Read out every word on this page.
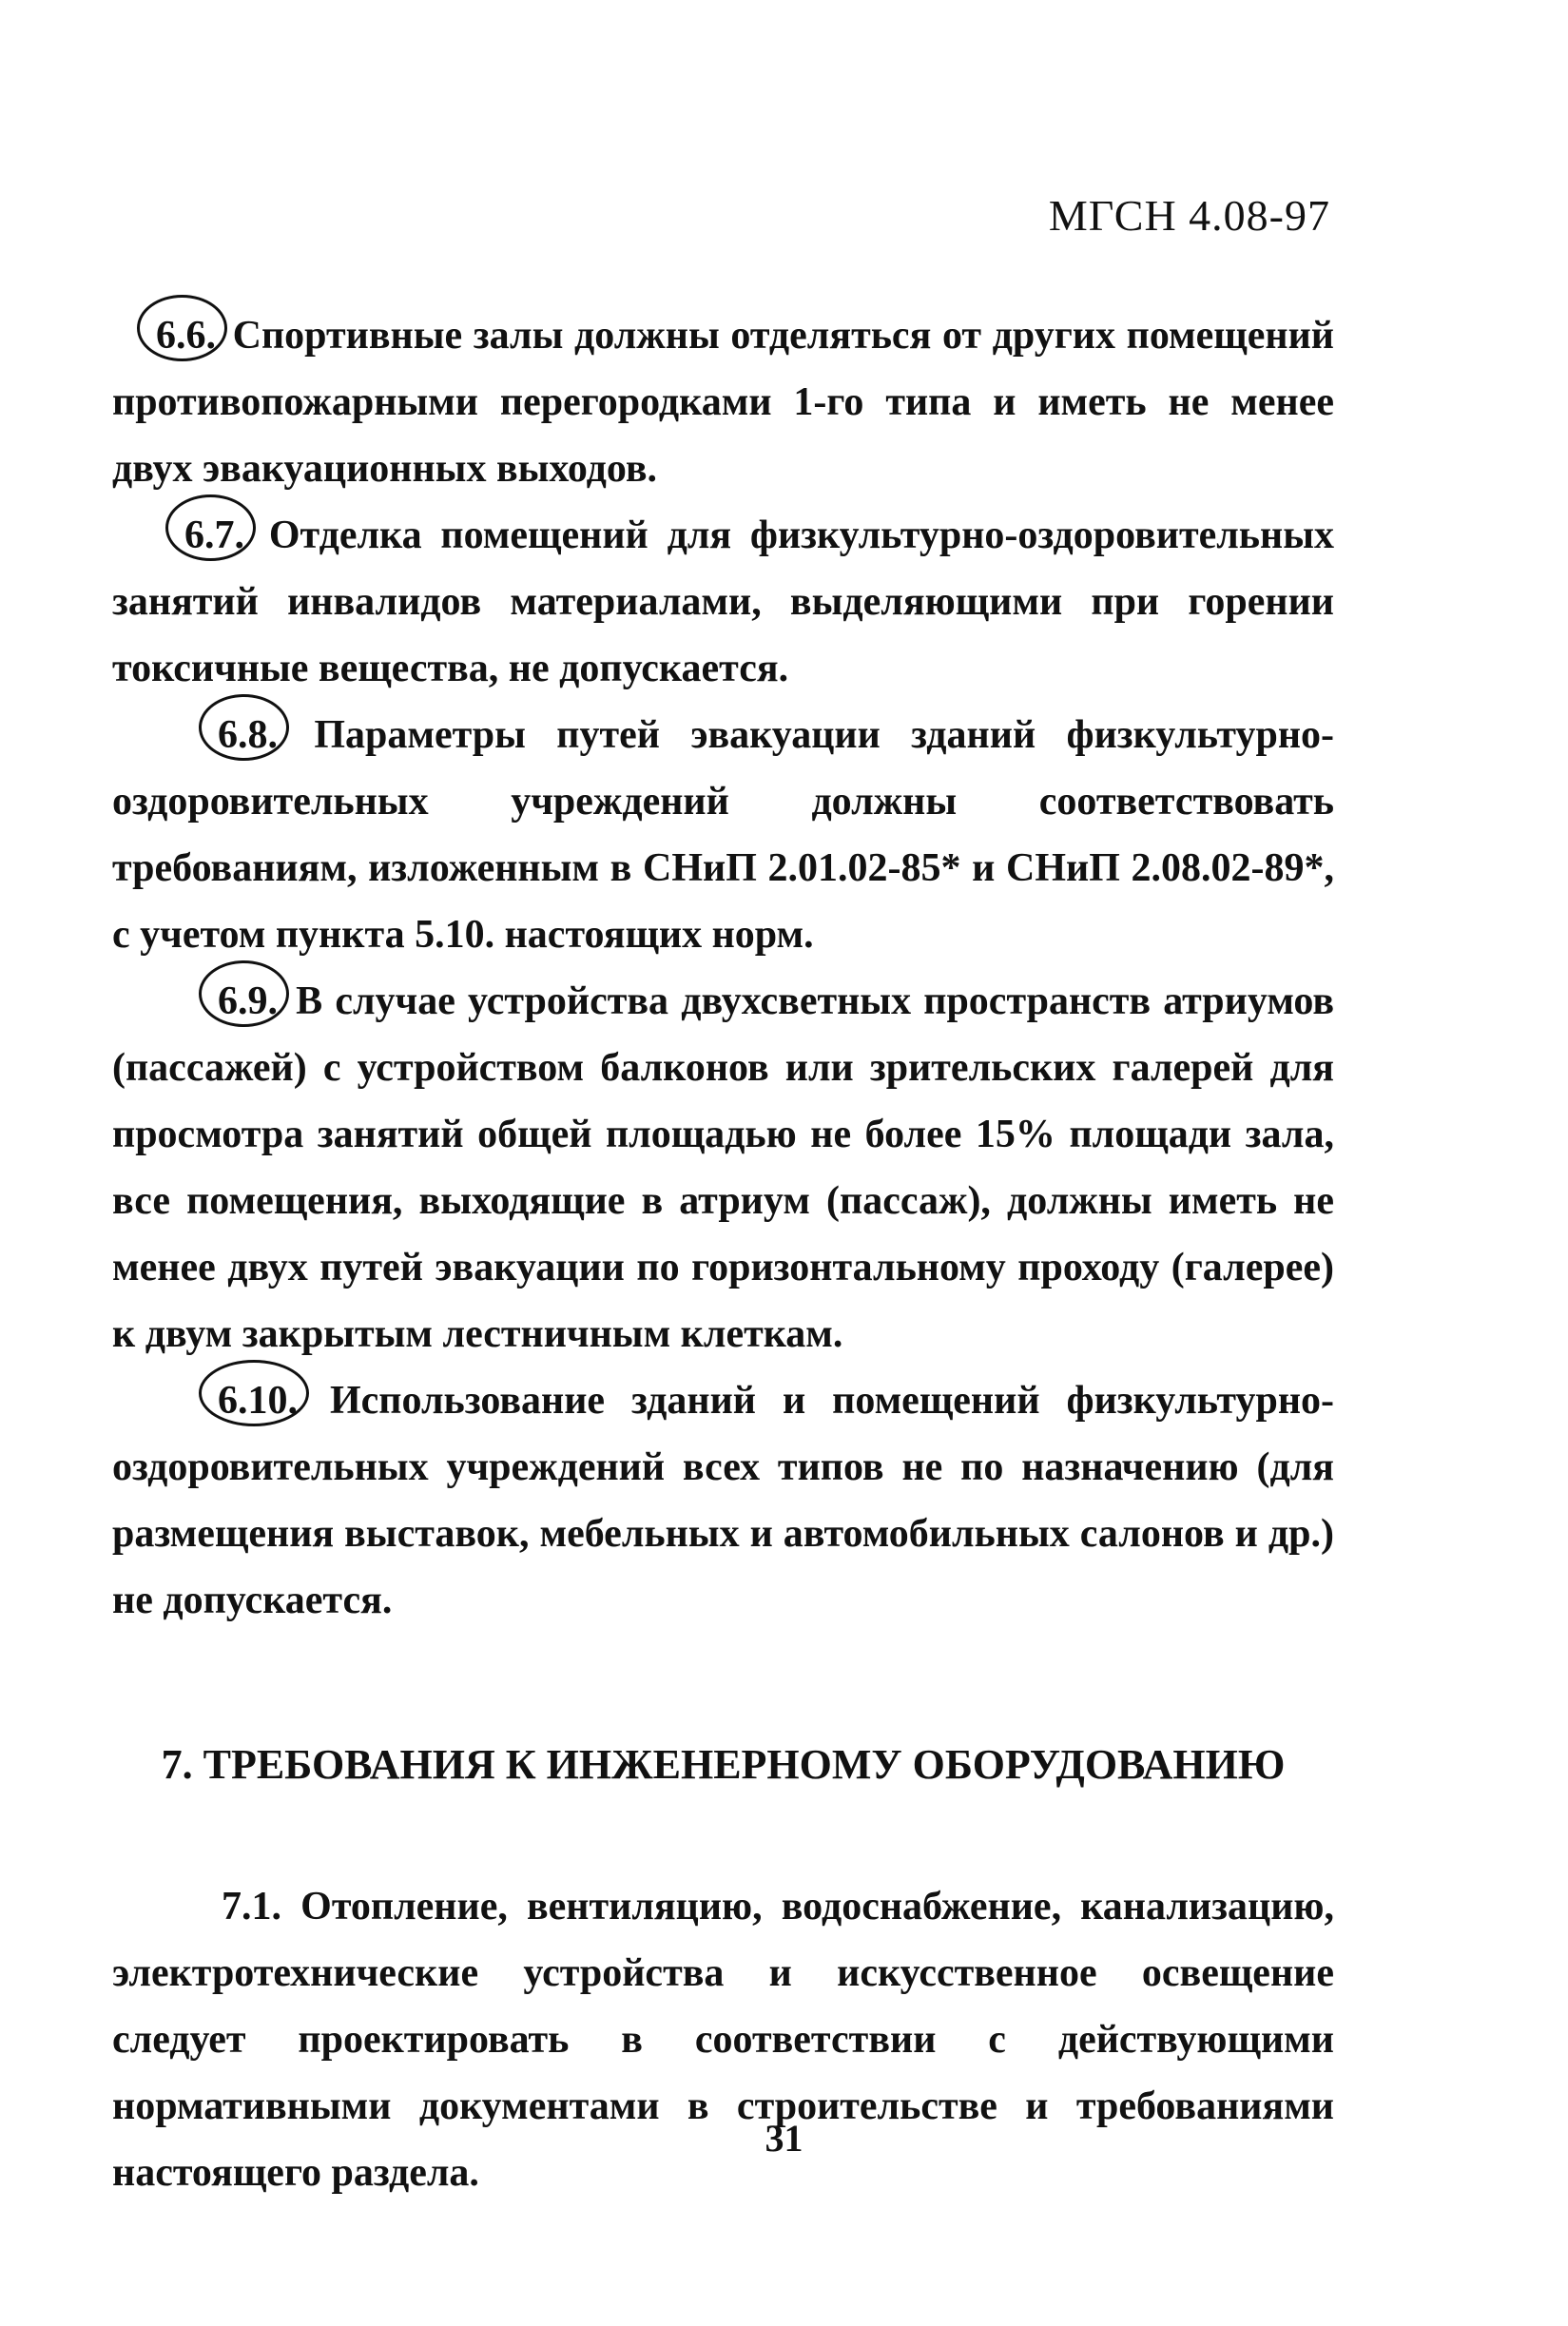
МГСН 4.08-97

6.6. Спортивные залы должны отделяться от других помещений противопожарными перегородками 1-го типа и иметь не менее двух эвакуационных выходов.

6.7. Отделка помещений для физкультурно-оздоровительных занятий инвалидов материалами, выделяющими при горении токсичные вещества, не допускается.

6.8. Параметры путей эвакуации зданий физкультурно-оздоровительных учреждений должны соответствовать требованиям, изложенным в СНиП 2.01.02-85* и СНиП 2.08.02-89*, с учетом пункта 5.10. настоящих норм.

6.9. В случае устройства двухсветных пространств атриумов (пассажей) с устройством балконов или зрительских галерей для просмотра занятий общей площадью не более 15% площади зала, все помещения, выходящие в атриум (пассаж), должны иметь не менее двух путей эвакуации по горизонтальному проходу (галерее) к двум закрытым лестничным клеткам.

6.10. Использование зданий и помещений физкультурно-оздоровительных учреждений всех типов не по назначению (для размещения выставок, мебельных и автомобильных салонов и др.) не допускается.

7. ТРЕБОВАНИЯ К ИНЖЕНЕРНОМУ ОБОРУДОВАНИЮ

7.1. Отопление, вентиляцию, водоснабжение, канализацию, электротехнические устройства и искусственное освещение следует проектировать в соответствии с действующими нормативными документами в строительстве и требованиями настоящего раздела.

31
